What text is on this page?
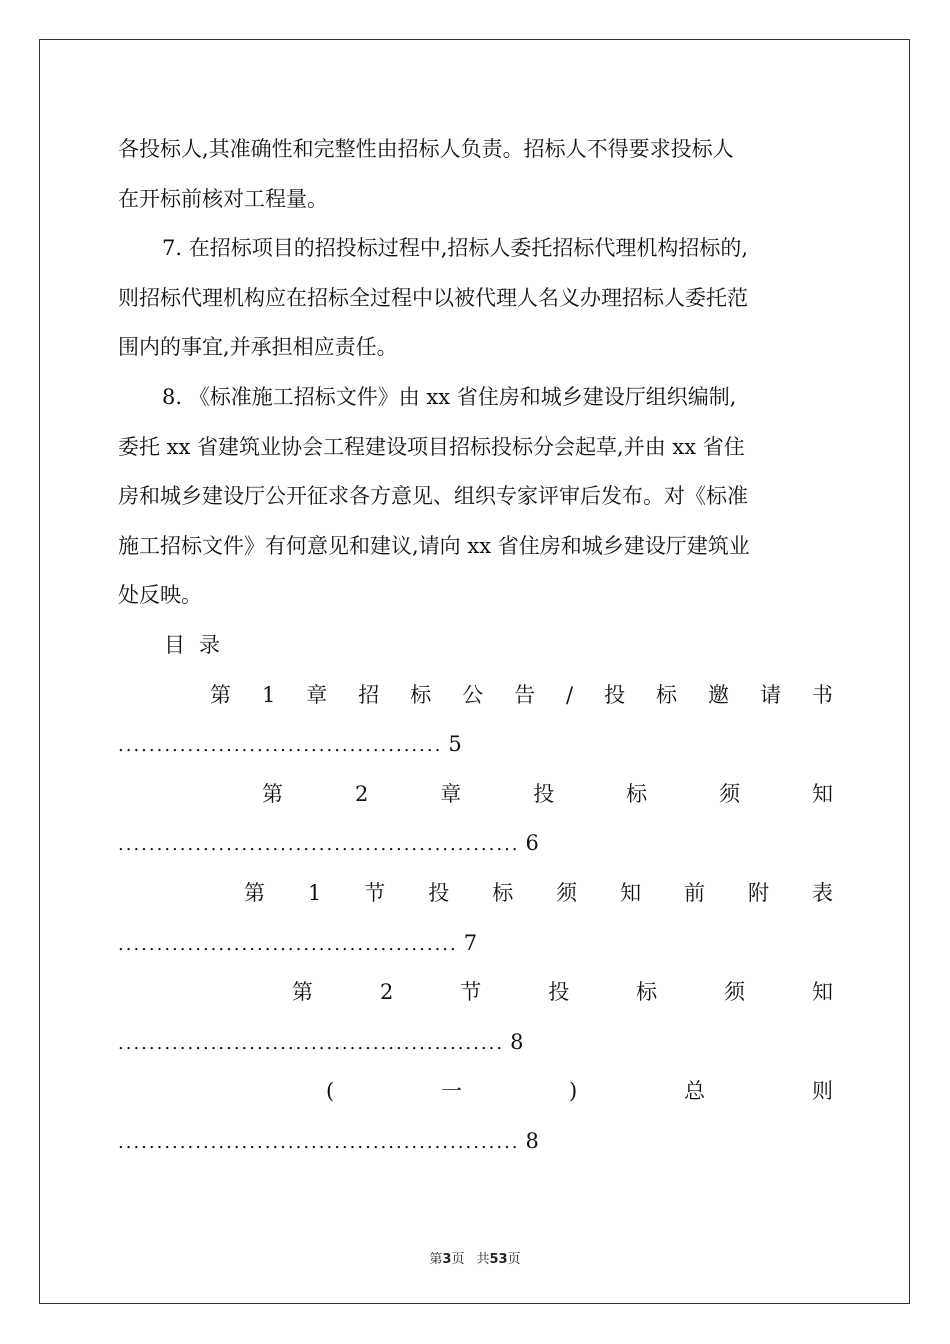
各投标人,其准确性和完整性由招标人负责。招标人不得要求投标人
在开标前核对工程量。
7. 在招标项目的招投标过程中,招标人委托招标代理机构招标的,
则招标代理机构应在招标全过程中以被代理人名义办理招标人委托范
围内的事宜,并承担相应责任。
8. 《标准施工招标文件》由 xx 省住房和城乡建设厅组织编制,
委托 xx 省建筑业协会工程建设项目招标投标分会起草,并由 xx 省住
房和城乡建设厅公开征求各方意见、组织专家评审后发布。对《标准
施工招标文件》有何意见和建议,请向 xx 省住房和城乡建设厅建筑业
处反映。
目录
第 1 章 招 标 公 告 / 投 标 邀 请 书
.......................................... 5
第	2	章	投	标	须	知
.................................................... 6
第 1 节 投 标 须 知 前 附 表
............................................ 7
第	2	节	投	标	须	知
.................................................. 8
(	一	)	总	则
.................................................... 8
第3页 共53页
